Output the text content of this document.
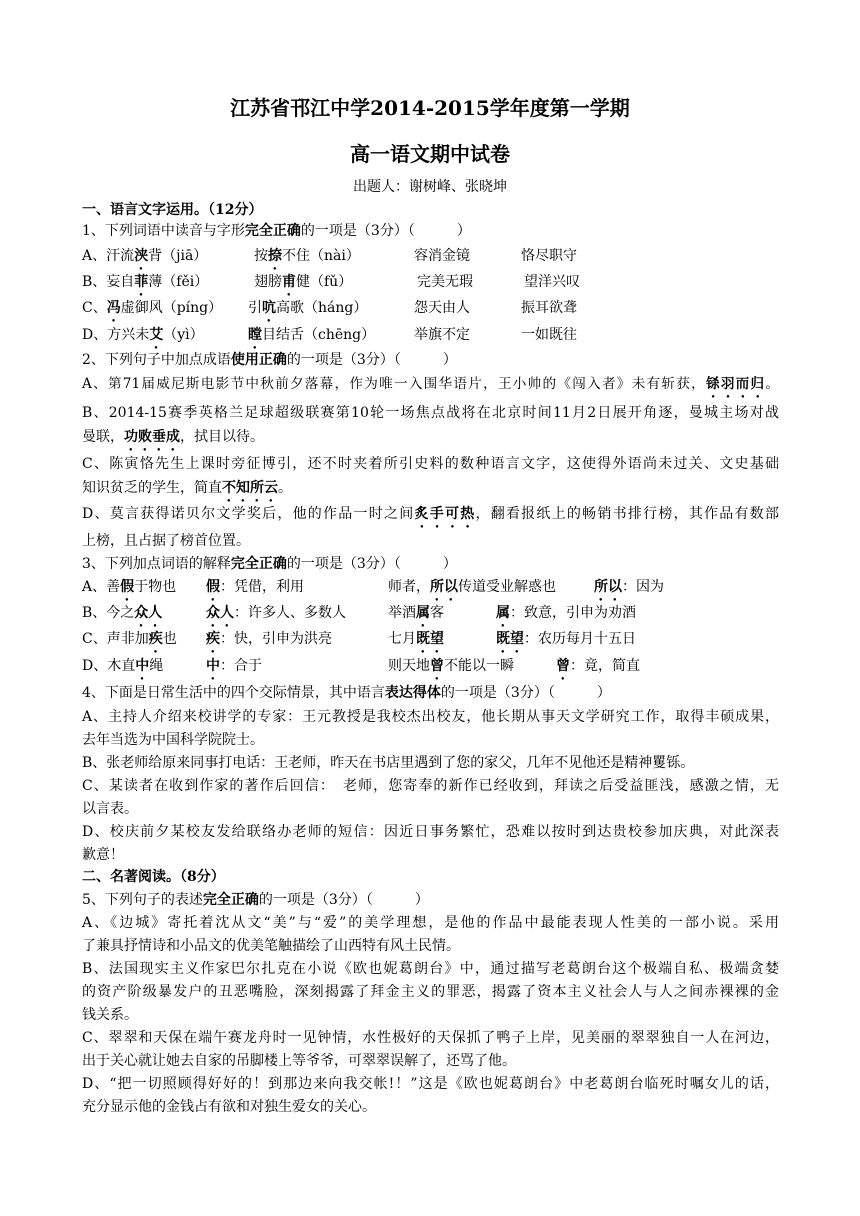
江苏省邗江中学2014-2015学年度第一学期
高一语文期中试卷
出题人：谢树峰、张晓坤
一、语言文字运用。（12分）
1、下列词语中读音与字形完全正确的一项是（3分）（　　　）
A、汗流浃背（jiā）	按捺不住（nài）	容消金镜	恪尽职守
B、妄自菲薄（fěi）	翅膀甫健（fǔ）	完美无瑕	望洋兴叹
C、冯虚御风（píng） 引吭高歌（háng）	怨天由人	振耳欲聋
D、方兴未艾（yì）	瞠目结舌（chēng）	举旗不定	一如既往
2、下列句子中加点成语使用正确的一项是（3分）（　　　）
A、第71届威尼斯电影节中秋前夕落幕，作为唯一入围华语片，王小帅的《闯入者》未有斩获，铩羽而归。
B、2014-15赛季英格兰足球超级联赛第10轮一场焦点战将在北京时间11月2日展开角逐，曼城主场对战
曼联，功败垂成，拭目以待。
C、陈寅恪先生上课时旁征博引，还不时夹着所引史料的数种语言文字，这使得外语尚未过关、文史基础
知识贫乏的学生，简直不知所云。
D、莫言获得诺贝尔文学奖后，他的作品一时之间炙手可热，翻看报纸上的畅销书排行榜，其作品有数部
上榜，且占据了榜首位置。
3、下列加点词语的解释完全正确的一项是（3分）（　　　）
A、善假于物也 假：凭借，利用	师者，所以传道受业解惑也	所以：因为
B、今之众人	众人：许多人、多数人	举酒属客	属：致意，引申为劝酒
C、声非加疾也 疾：快，引申为洪亮	七月既望	既望：农历每月十五日
D、木直中绳	中：合于	则天地曾不能以一瞬	曾：竟，简直
4、下面是日常生活中的四个交际情景，其中语言表达得体的一项是（3分）（　　　）
A、主持人介绍来校讲学的专家：王元教授是我校杰出校友，他长期从事天文学研究工作，取得丰硕成果，
去年当选为中国科学院院士。
B、张老师给原来同事打电话：王老师，昨天在书店里遇到了您的家父，几年不见他还是精神矍铄。
C、某读者在收到作家的著作后回信：　老师，您寄奉的新作已经收到，拜读之后受益匪浅，感激之情，无
以言表。
D、校庆前夕某校友发给联络办老师的短信：因近日事务繁忙，恐难以按时到达贵校参加庆典，对此深表
歉意！
二、名著阅读。（8分）
5、下列句子的表述完全正确的一项是（3分）（　　　）
A、《边城》寄托着沈从文“美”与“爱”的美学理想，是他的作品中最能表现人性美的一部小说。采用
了兼具抒情诗和小品文的优美笔触描绘了山西特有风土民情。
B、法国现实主义作家巴尔扎克在小说《欧也妮葛朗台》中，通过描写老葛朗台这个极端自私、极端贪婪
的资产阶级暴发户的丑恶嘴脸，深刻揭露了拜金主义的罪恶，揭露了资本主义社会人与人之间赤裸裸的金
钱关系。
C、翠翠和天保在端午赛龙舟时一见钟情，水性极好的天保抓了鸭子上岸，见美丽的翠翠独自一人在河边，
出于关心就让她去自家的吊脚楼上等爷爷，可翠翠误解了，还骂了他。
D、“把一切照顾得好好的！到那边来向我交帐!！”这是《欧也妮葛朗台》中老葛朗台临死时嘱女儿的话，
充分显示他的金钱占有欲和对独生爱女的关心。
